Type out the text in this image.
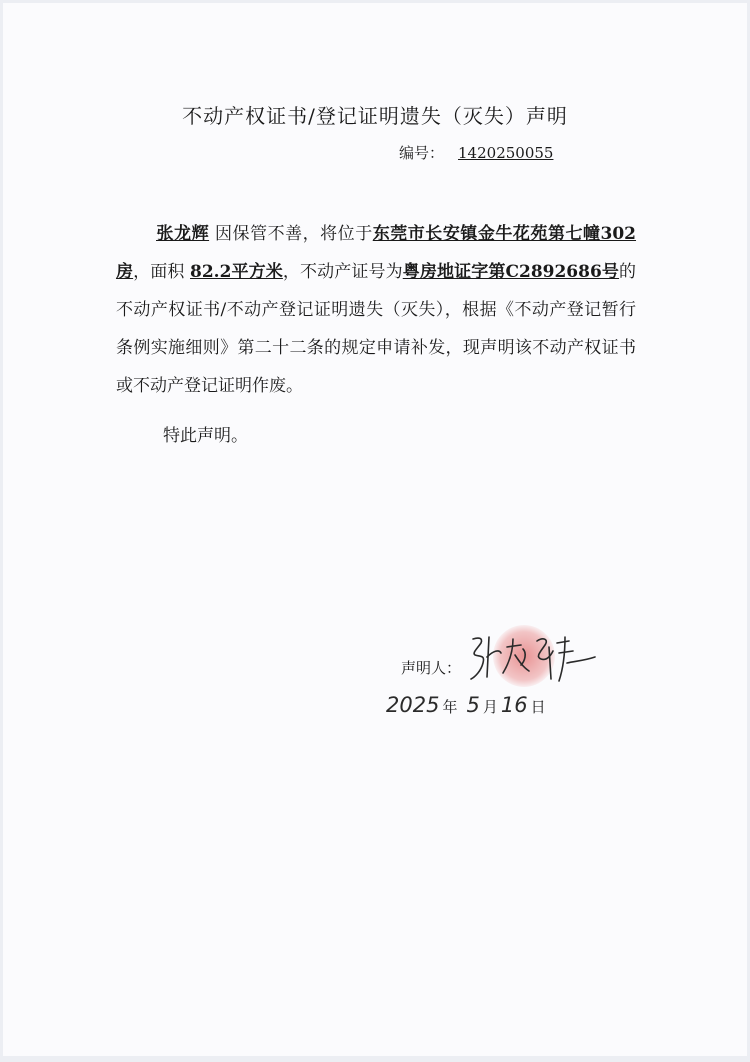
不动产权证书/登记证明遗失（灭失）声明
编号： 1420250055
张龙辉 因保管不善，将位于东莞市长安镇金牛花苑第七幢302房，面积 82.2平方米，不动产证号为粤房地证字第C2892686号的不动产权证书/不动产登记证明遗失（灭失），根据《不动产登记暂行条例实施细则》第二十二条的规定申请补发，现声明该不动产权证书或不动产登记证明作废。
特此声明。
声明人：
2025 年 5 月 16 日
